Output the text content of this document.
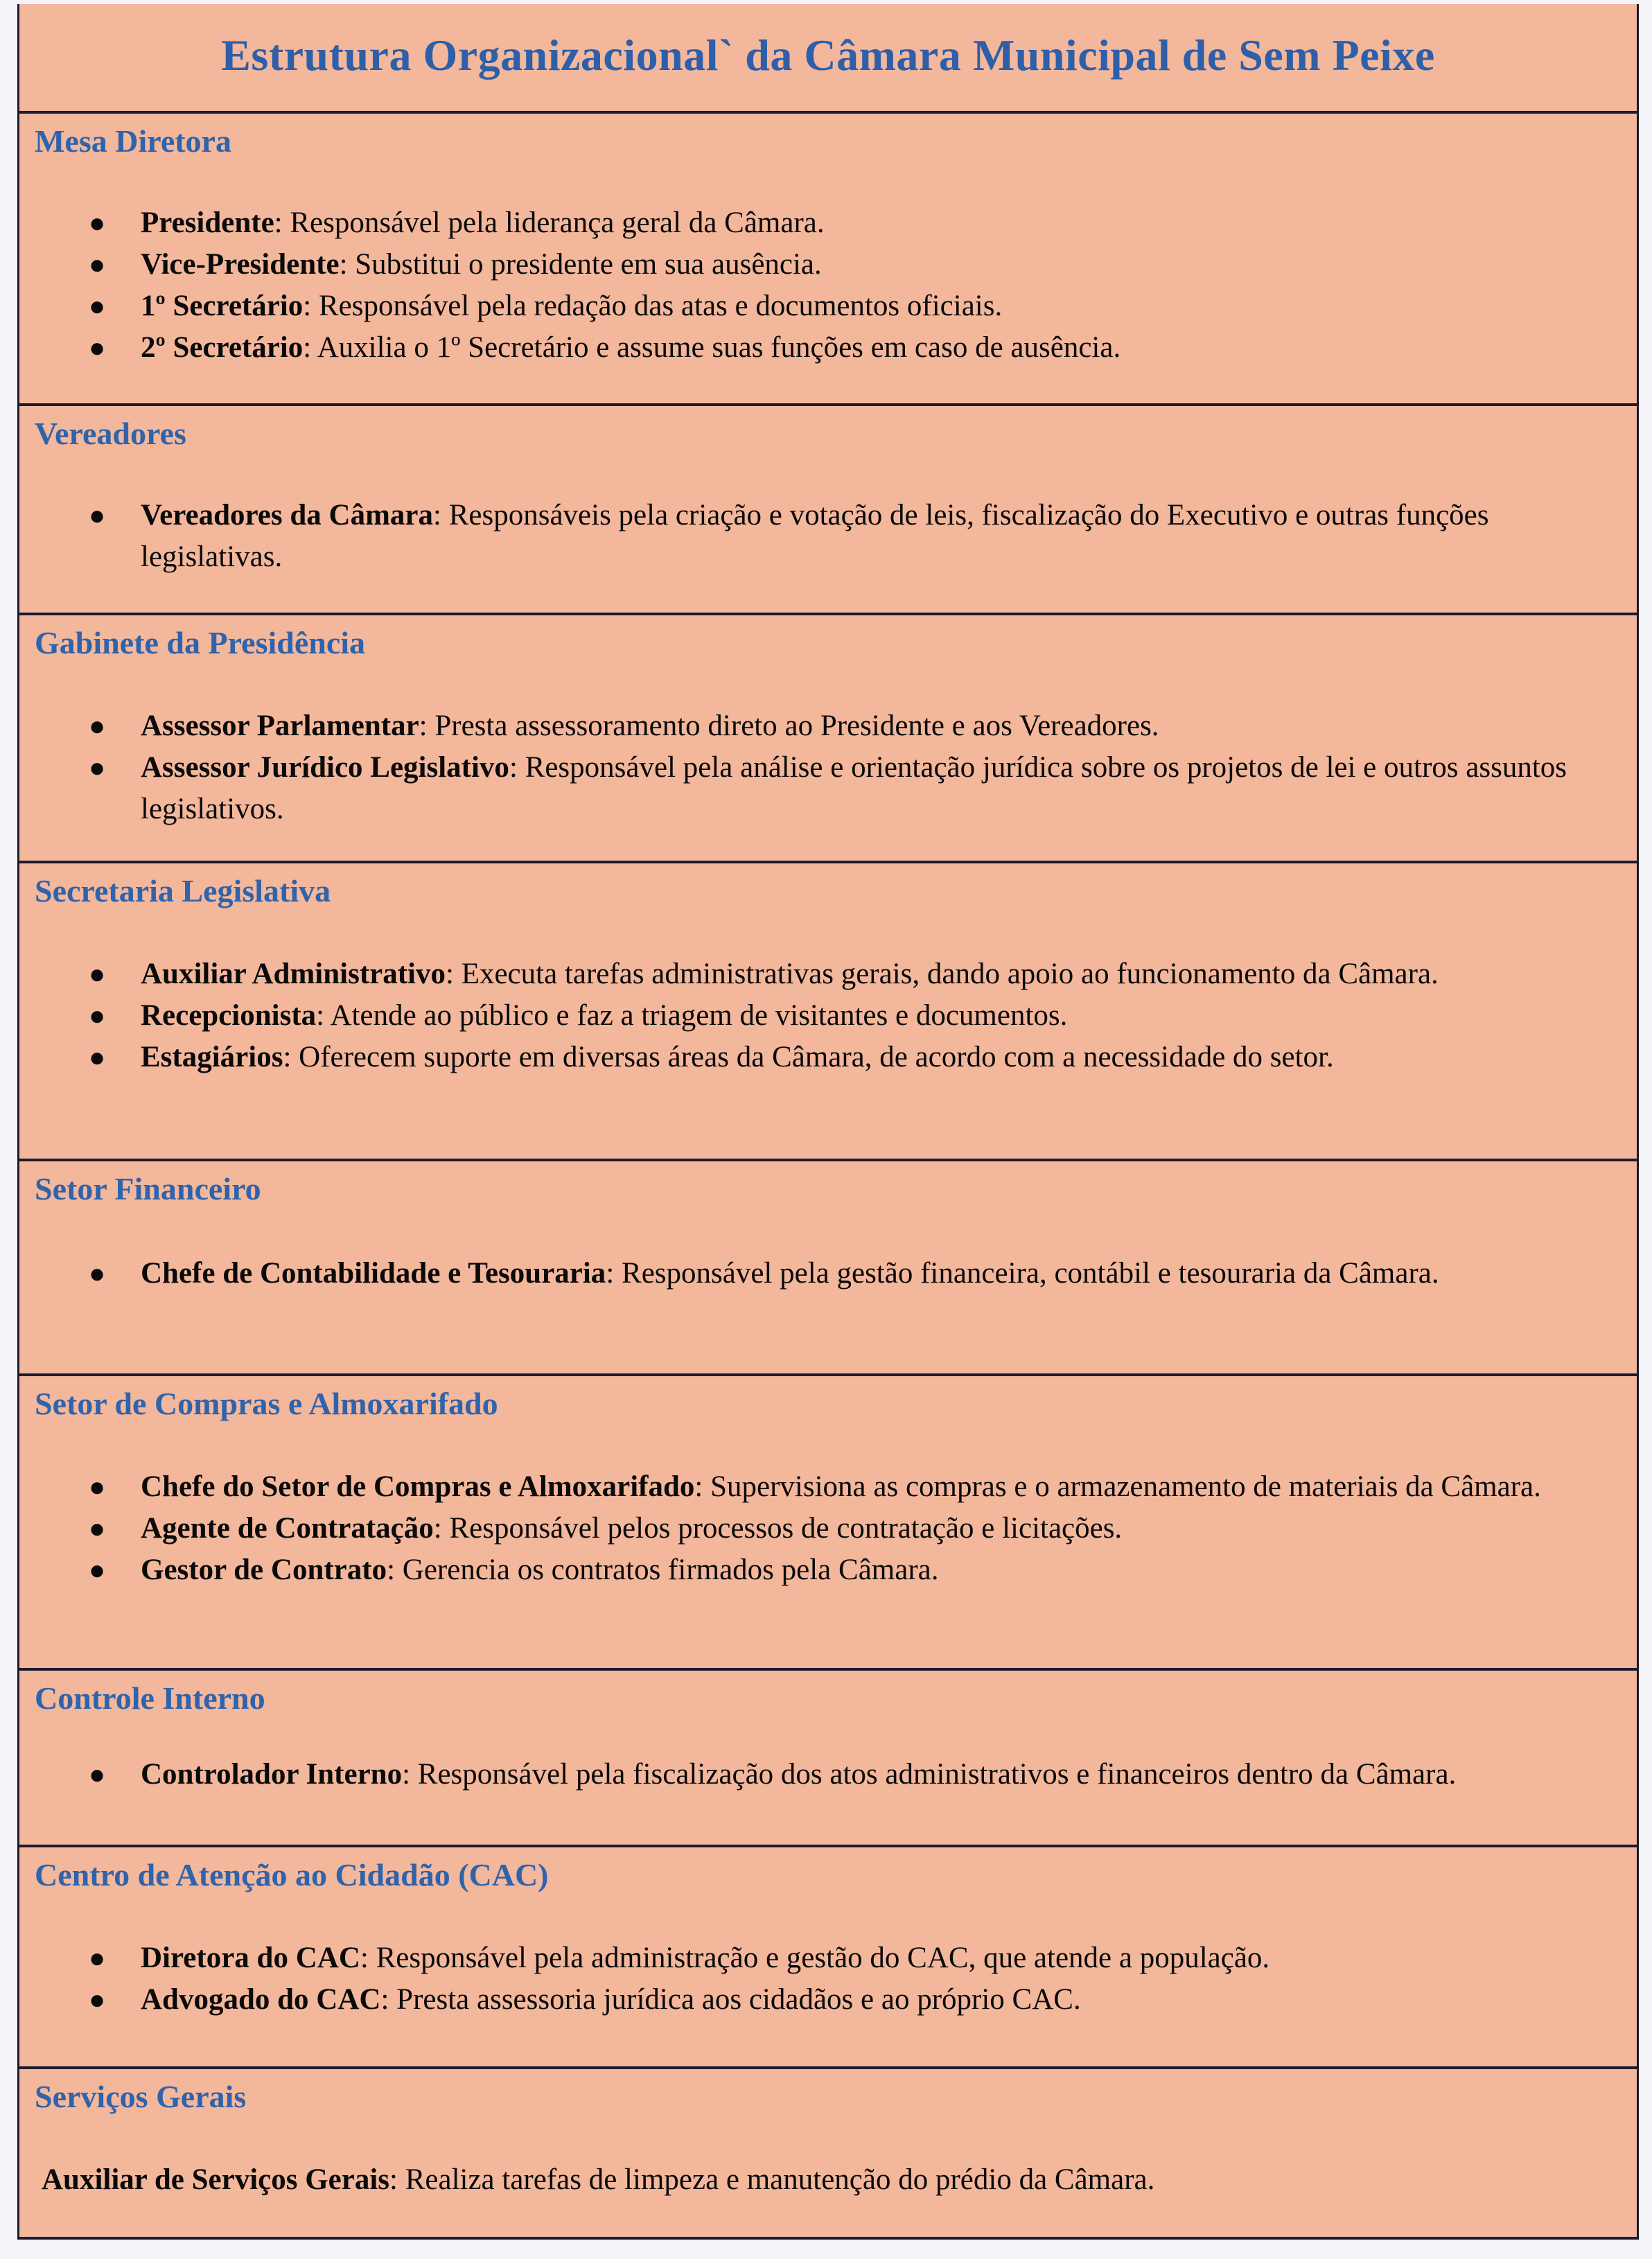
Estrutura Organizacional` da Câmara Municipal de Sem Peixe
Mesa Diretora
● Presidente: Responsável pela liderança geral da Câmara.
● Vice-Presidente: Substitui o presidente em sua ausência.
● 1º Secretário: Responsável pela redação das atas e documentos oficiais.
● 2º Secretário: Auxilia o 1º Secretário e assume suas funções em caso de ausência.
Vereadores
● Vereadores da Câmara: Responsáveis pela criação e votação de leis, fiscalização do Executivo e outras funções legislativas.
Gabinete da Presidência
● Assessor Parlamentar: Presta assessoramento direto ao Presidente e aos Vereadores.
● Assessor Jurídico Legislativo: Responsável pela análise e orientação jurídica sobre os projetos de lei e outros assuntos legislativos.
Secretaria Legislativa
● Auxiliar Administrativo: Executa tarefas administrativas gerais, dando apoio ao funcionamento da Câmara.
● Recepcionista: Atende ao público e faz a triagem de visitantes e documentos.
● Estagiários: Oferecem suporte em diversas áreas da Câmara, de acordo com a necessidade do setor.
Setor Financeiro
● Chefe de Contabilidade e Tesouraria: Responsável pela gestão financeira, contábil e tesouraria da Câmara.
Setor de Compras e Almoxarifado
● Chefe do Setor de Compras e Almoxarifado: Supervisiona as compras e o armazenamento de materiais da Câmara.
● Agente de Contratação: Responsável pelos processos de contratação e licitações.
● Gestor de Contrato: Gerencia os contratos firmados pela Câmara.
Controle Interno
● Controlador Interno: Responsável pela fiscalização dos atos administrativos e financeiros dentro da Câmara.
Centro de Atenção ao Cidadão (CAC)
● Diretora do CAC: Responsável pela administração e gestão do CAC, que atende a população.
● Advogado do CAC: Presta assessoria jurídica aos cidadãos e ao próprio CAC.
Serviços Gerais
Auxiliar de Serviços Gerais: Realiza tarefas de limpeza e manutenção do prédio da Câmara.
